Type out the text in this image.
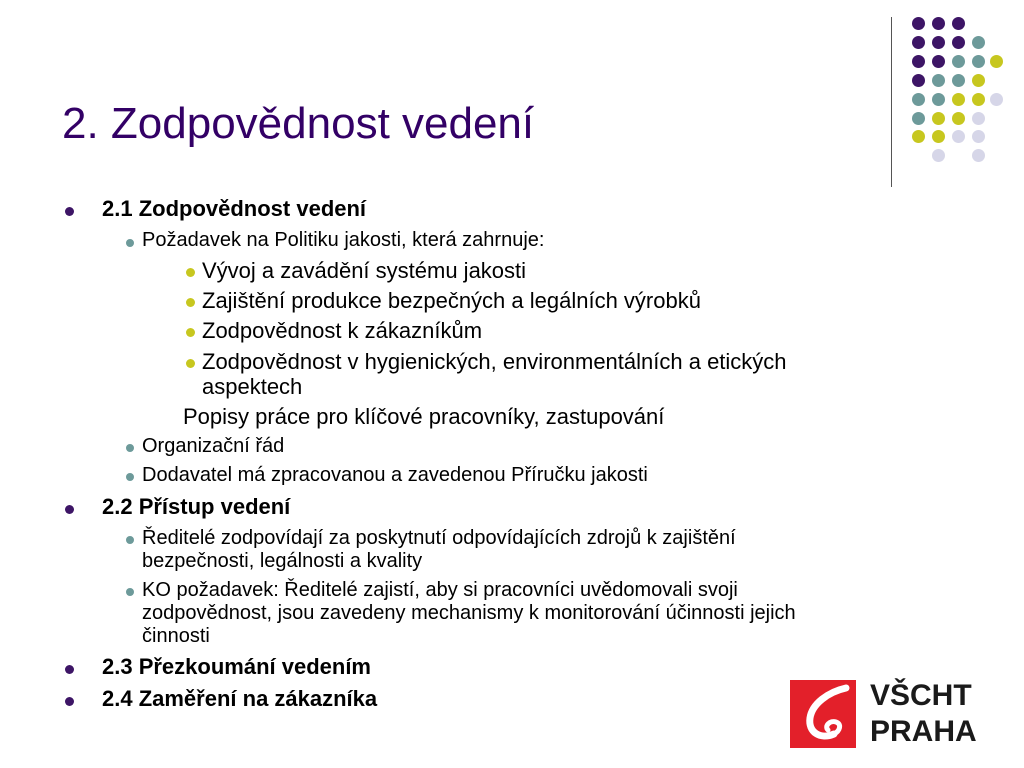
2. Zodpovědnost vedení
2.1 Zodpovědnost vedení
Požadavek na Politiku jakosti, která zahrnuje:
Vývoj a zavádění systému jakosti
Zajištění produkce bezpečných a legálních výrobků
Zodpovědnost k zákazníkům
Zodpovědnost v hygienických, environmentálních a etických
aspektech
Popisy práce pro klíčové pracovníky, zastupování
Organizační řád
Dodavatel má zpracovanou a zavedenou Příručku jakosti
2.2 Přístup vedení
Ředitelé zodpovídají za poskytnutí odpovídajících zdrojů k zajištění
bezpečnosti, legálnosti a kvality
KO požadavek: Ředitelé zajistí, aby si pracovníci uvědomovali svoji
zodpovědnost, jsou zavedeny mechanismy k monitorování účinnosti jejich
činnosti
2.3 Přezkoumání vedením
2.4 Zaměření na zákazníka	VŠCHT
PRAHA
